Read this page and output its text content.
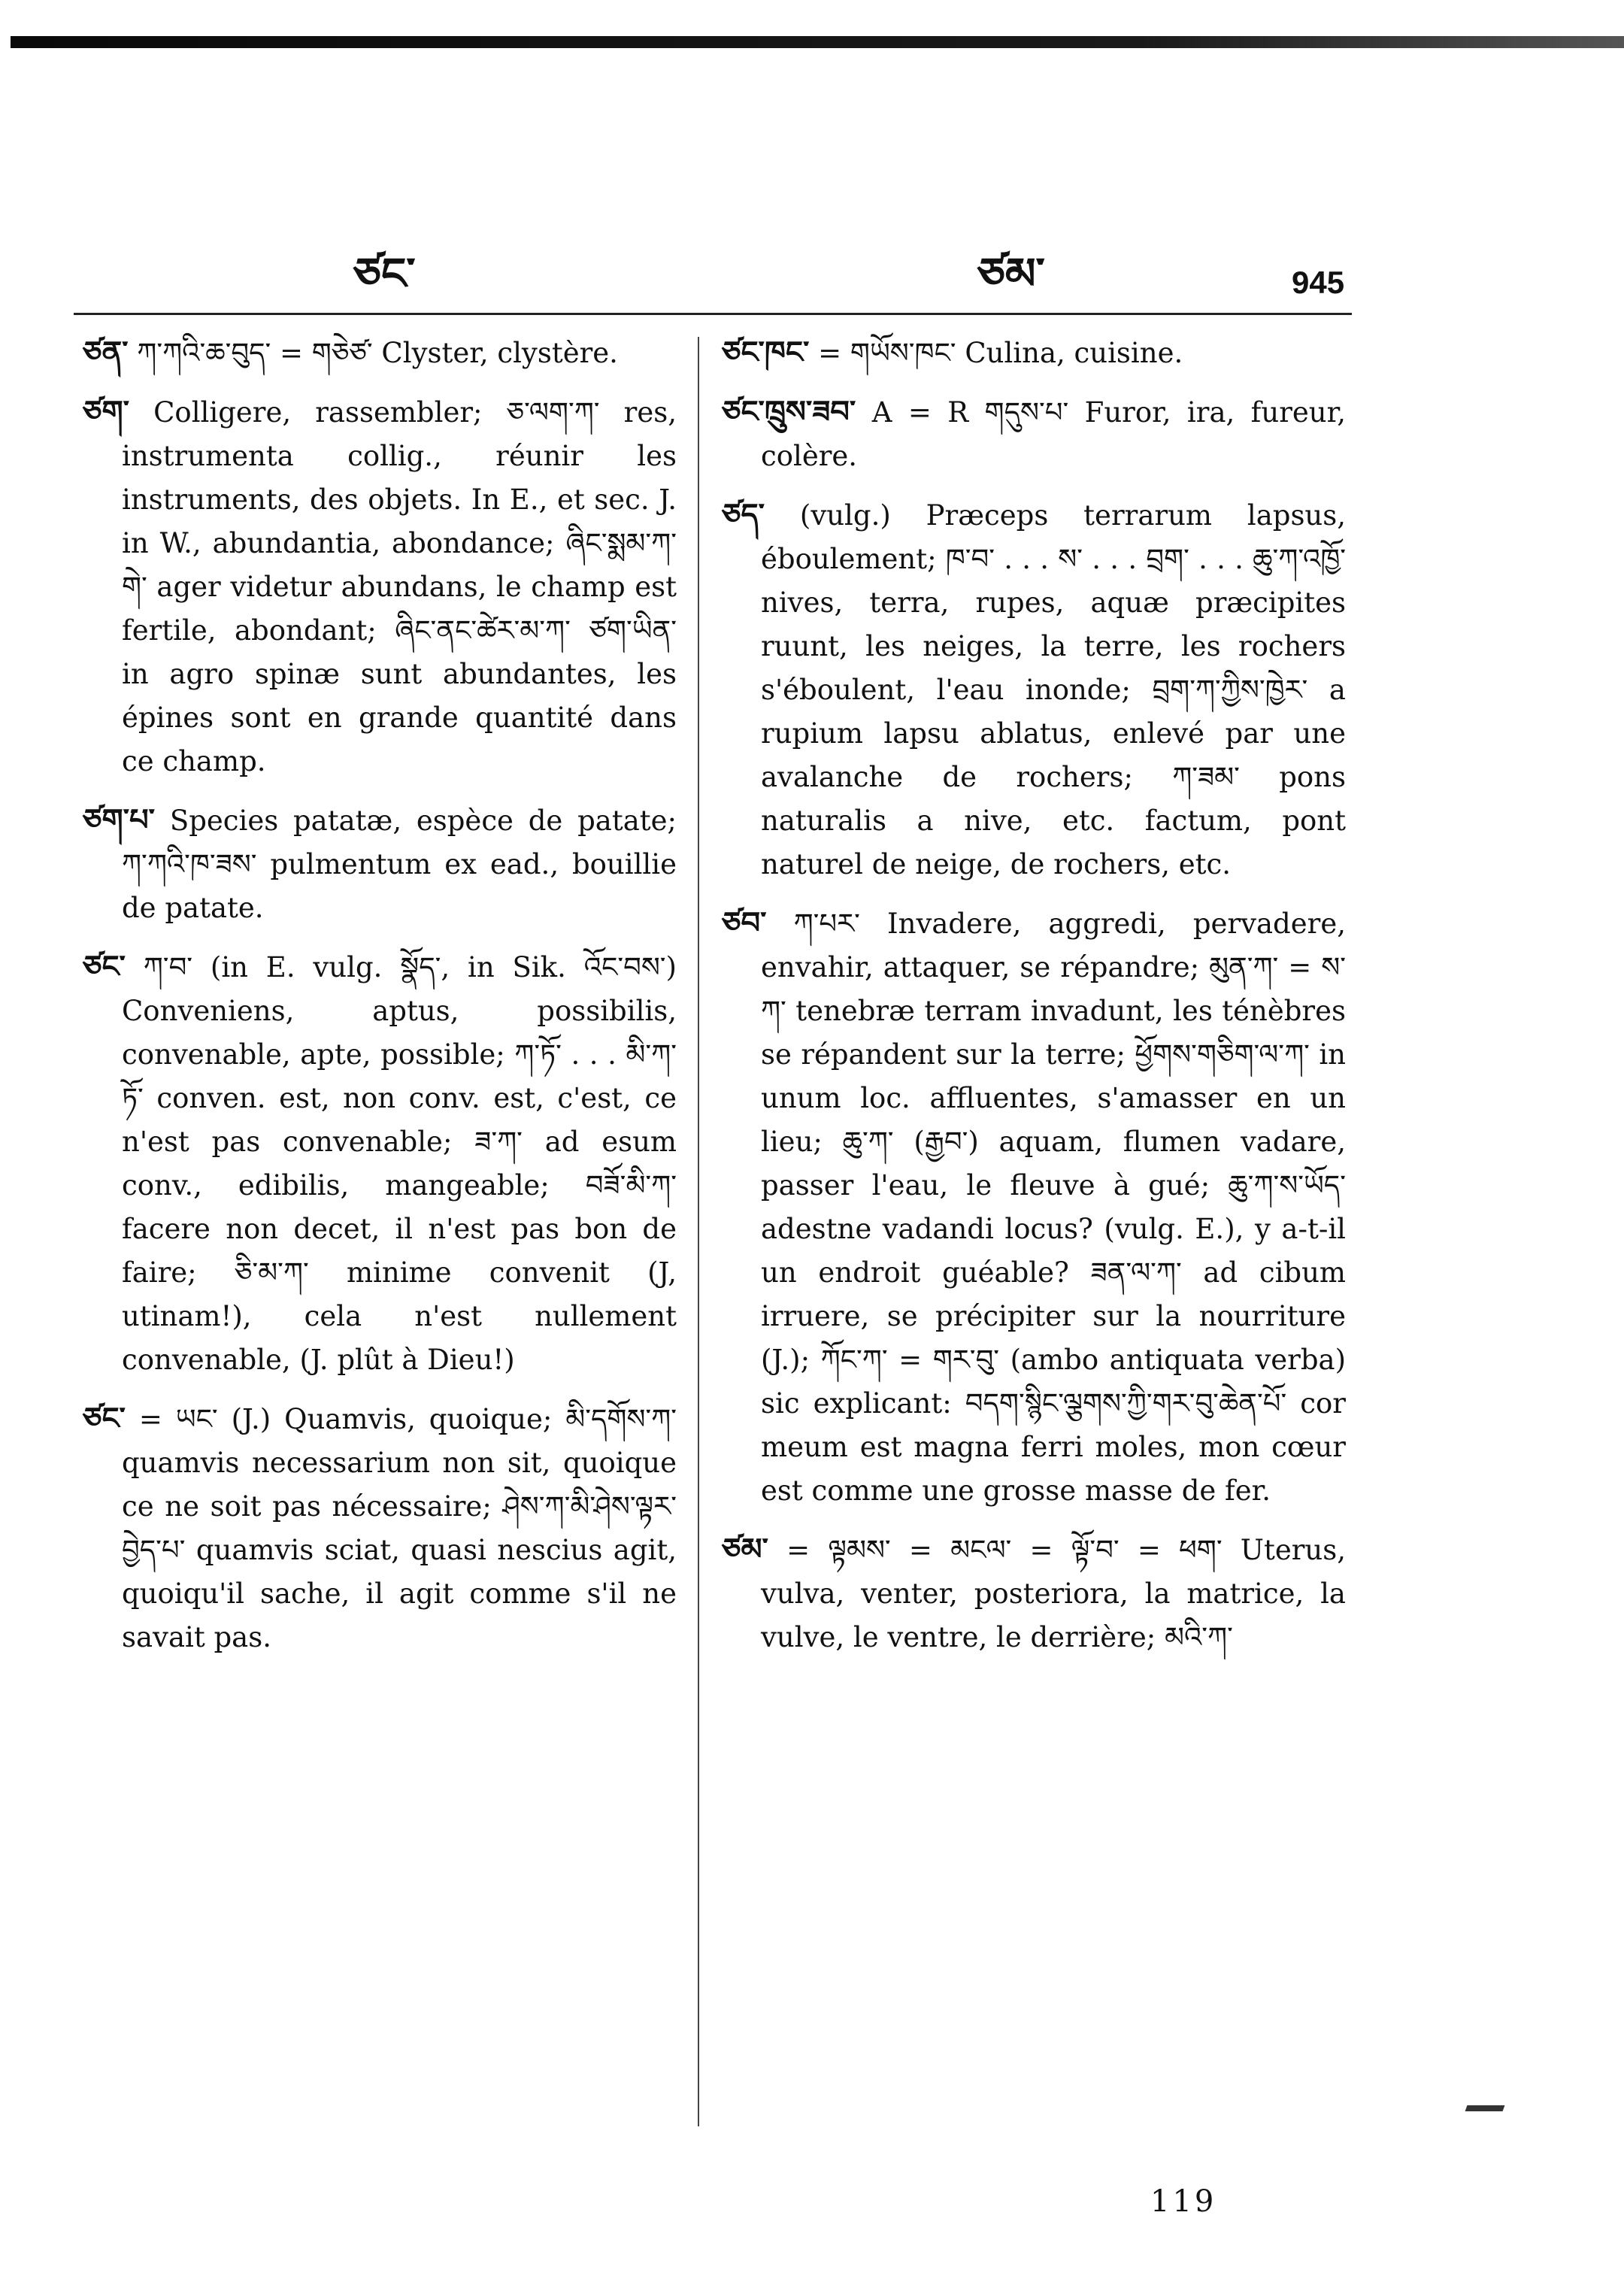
ཙང་	ཙམ་	945
ཙན་ ཀ་ཀའི་ཆ་བུད་ = གཅེཙ་ Clyster, clystère.
ཙག་ Colligere, rassembler; ཅ་ལག་ཀ་ res, instrumenta collig., réunir les instruments, des objets. In E., et sec. J. in W., abundantia, abondance; ཞིང་སྨམ་ཀ་གེ་ ager videtur abundans, le champ est fertile, abondant; ཞིང་ནང་ཚེར་མ་ཀ་ ཙག་ཡིན་ in agro spinæ sunt abundantes, les épines sont en grande quantité dans ce champ.
ཙག་པ་ Species patatæ, espèce de patate; ཀ་ཀའི་ཁ་ཟས་ pulmentum ex ead., bouillie de patate.
ཙང་ ཀ་བ་ (in E. vulg. སྣོད་, in Sik. འོང་བས་) Conveniens, aptus, possibilis, convenable, apte, possible; ཀ་ཏོ་ . . . མི་ཀ་ཏོ་ conven. est, non conv. est, c'est, ce n'est pas convenable; ཟ་ཀ་ ad esum conv., edibilis, mangeable; བཟོ་མི་ཀ་ facere non decet, il n'est pas bon de faire; ཅི་མ་ཀ་ minime convenit (J, utinam!), cela n'est nullement convenable, (J. plût à Dieu!)
ཙང་ = ཡང་ (J.) Quamvis, quoique; མི་དགོས་ཀ་ quamvis necessarium non sit, quoique ce ne soit pas nécessaire; ཤེས་ཀ་མི་ཤེས་ལྟར་བྱེད་པ་ quamvis sciat, quasi nescius agit, quoiqu'il sache, il agit comme s'il ne savait pas.
ཙང་ཁང་ = གཡོས་ཁང་ Culina, cuisine.
ཙང་ཁྲུས་ཟབ་ A = R གདུས་པ་ Furor, ira, fureur, colère.
ཙད་ (vulg.) Præceps terrarum lapsus, éboulement; ཁ་བ་ . . . ས་ . . . བྲག་ . . . ཆུ་ཀ་འཁྱོ་ nives, terra, rupes, aquæ præcipites ruunt, les neiges, la terre, les rochers s'éboulent, l'eau inonde; བྲག་ཀ་ཀྱིས་ཁྱེར་ a rupium lapsu ablatus, enlevé par une avalanche de rochers; ཀ་ཟམ་ pons naturalis a nive, etc. factum, pont naturel de neige, de rochers, etc.
ཙབ་ ཀ་པར་ Invadere, aggredi, pervadere, envahir, attaquer, se répandre; མུན་ཀ་ = ས་ཀ་ tenebræ terram invadunt, les ténèbres se répandent sur la terre; ཕྱོགས་གཅིག་ལ་ཀ་ in unum loc. affluentes, s'amasser en un lieu; ཆུ་ཀ་ (རྒྱབ་) aquam, flumen vadare, passer l'eau, le fleuve à gué; ཆུ་ཀ་ས་ཡོད་ adestne vadandi locus? (vulg. E.), y a-t-il un endroit guéable? ཟན་ལ་ཀ་ ad cibum irruere, se précipiter sur la nourriture (J.); ཀོང་ཀ་ = གར་བུ་ (ambo antiquata verba) sic explicant: བདག་སྙིང་ལྕགས་ཀྱི་གར་བུ་ཆེན་པོ་ cor meum est magna ferri moles, mon cœur est comme une grosse masse de fer.
ཙམ་ = ལྟམས་ = མངལ་ = ལྟོ་བ་ = ཕག་ Uterus, vulva, venter, posteriora, la matrice, la vulve, le ventre, le derrière; མའི་ཀ་
119
